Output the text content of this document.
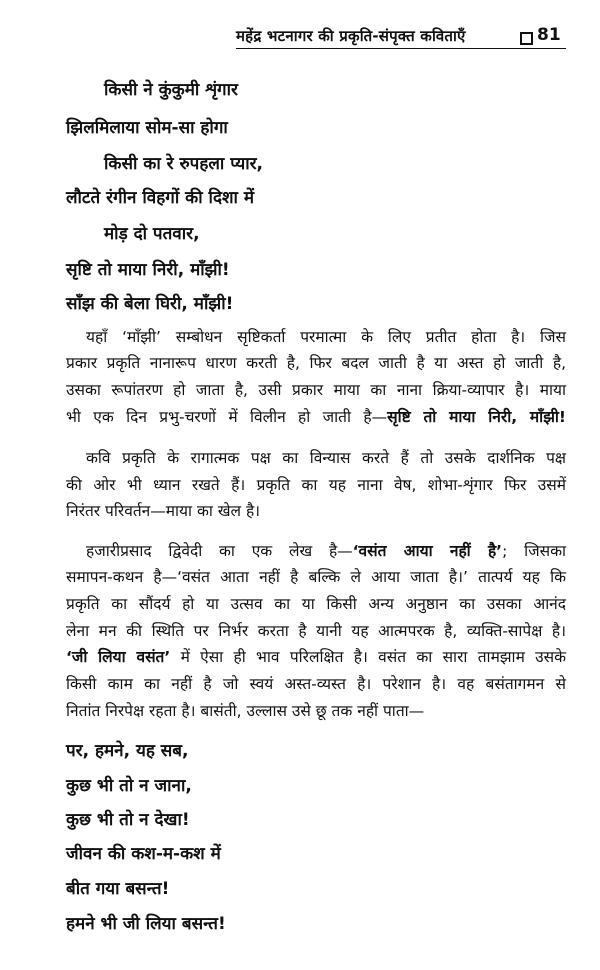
महेंद्र भटनागर की प्रकृति-संपृक्त कविताएँ	81
किसी ने कुंकुमी शृंगार
झिलमिलाया सोम-सा होगा
किसी का रे रुपहला प्यार,
लौटते रंगीन विहगों की दिशा में
मोड़ दो पतवार,
सृष्टि तो माया निरी, माँझी!
साँझ की बेला घिरी, माँझी!
यहाँ ‘माँझी’ सम्बोधन सृष्टिकर्ता परमात्मा के लिए प्रतीत होता है। जिस
प्रकार प्रकृति नानारूप धारण करती है, फिर बदल जाती है या अस्त हो जाती है,
उसका रूपांतरण हो जाता है, उसी प्रकार माया का नाना क्रिया-व्यापार है। माया
भी एक दिन प्रभु-चरणों में विलीन हो जाती है—सृष्टि तो माया निरी, माँझी!
कवि प्रकृति के रागात्मक पक्ष का विन्यास करते हैं तो उसके दार्शनिक पक्ष
की ओर भी ध्यान रखते हैं। प्रकृति का यह नाना वेष, शोभा-शृंगार फिर उसमें
निरंतर परिवर्तन—माया का खेल है।
हजारीप्रसाद द्विवेदी का एक लेख है—‘वसंत आया नहीं है’; जिसका
समापन-कथन है—‘वसंत आता नहीं है बल्कि ले आया जाता है।’ तात्पर्य यह कि
प्रकृति का सौंदर्य हो या उत्सव का या किसी अन्य अनुष्ठान का उसका आनंद
लेना मन की स्थिति पर निर्भर करता है यानी यह आत्मपरक है, व्यक्ति-सापेक्ष है।
‘जी लिया वसंत’ में ऐसा ही भाव परिलक्षित है। वसंत का सारा तामझाम उसके
किसी काम का नहीं है जो स्वयं अस्त-व्यस्त है। परेशान है। वह बसंतागमन से
नितांत निरपेक्ष रहता है। बासंती, उल्लास उसे छू तक नहीं पाता—
पर, हमने, यह सब,
कुछ भी तो न जाना,
कुछ भी तो न देखा!
जीवन की कश-म-कश में
बीत गया बसन्त!
हमने भी जी लिया बसन्त!
